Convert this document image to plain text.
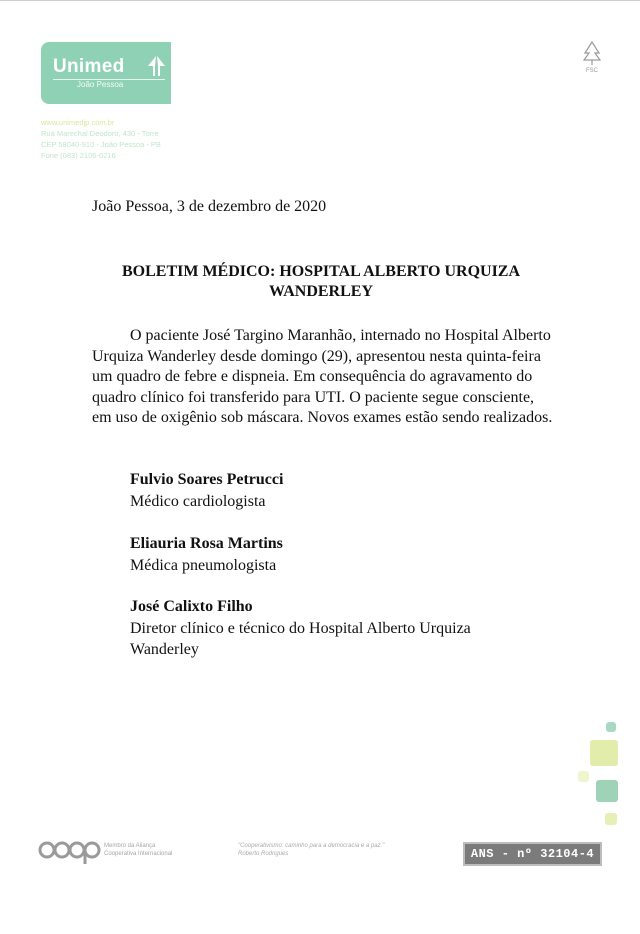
Unimed
João Pessoa
www.unimedjp.com.br
Rua Marechal Deodoro, 430 - Torre
CEP 58040-910 - João Pessoa - PB
Fone (083) 2106-0216
FSC
João Pessoa, 3 de dezembro de 2020
BOLETIM MÉDICO: HOSPITAL ALBERTO URQUIZA WANDERLEY

O paciente José Targino Maranhão, internado no Hospital Alberto Urquiza Wanderley desde domingo (29), apresentou nesta quinta-feira um quadro de febre e dispneia. Em consequência do agravamento do quadro clínico foi transferido para UTI. O paciente segue consciente, em uso de oxigênio sob máscara. Novos exames estão sendo realizados.

Fulvio Soares Petrucci
Médico cardiologista
Eliauria Rosa Martins
Médica pneumologista
José Calixto Filho
Diretor clínico e técnico do Hospital Alberto Urquiza Wanderley
Membro da Aliança
Cooperativa Internacional
"Cooperativismo: caminho para a democracia e a paz."
Roberto Rodrigues	ANS - nº 32104-4
